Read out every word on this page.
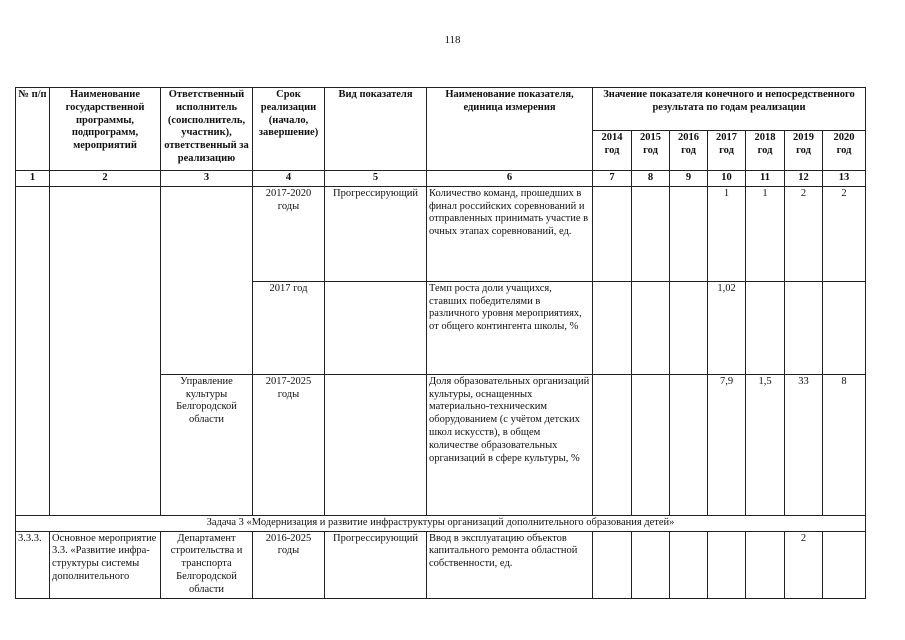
118
№ п/п	Наименование государственной программы, подпрограмм, мероприятий	Ответственный исполнитель (соисполнитель, участник), ответственный за реализацию	Срок реализации (начало, завершение)	Вид показателя	Наименование показателя, единица измерения	Значение показателя конечного и непосредственного результата по годам реализации						
						2014 год	2015 год	2016 год	2017 год	2018 год	2019 год	2020 год
1	2	3	4	5	6	7	8	9	10	11	12	13
			2017-2020 годы	Прогрессирующий	Количество команд, прошедших в финал российских соревнований и отправленных принимать участие в очных этапах соревнований, ед.				1	1	2	2
			2017 год		Темп роста доли учащихся, ставших победителями в различного уровня мероприятиях, от общего контингента школы, %				1,02			
		Управление культуры Белгородской области	2017-2025 годы		Доля образовательных организаций культуры, оснащенных материально-техническим оборудованием (с учётом детских школ искусств), в общем количестве образовательных организаций в сфере культуры, %				7,9	1,5	33	8
Задача 3 «Модернизация и развитие инфраструктуры организаций дополнительного образования детей»												
3.3.3.	Основное мероприятие 3.3. «Развитие инфра-структуры системы дополнительного	Департамент строительства и транспорта Белгородской области	2016-2025 годы	Прогрессирующий	Ввод в эксплуатацию объектов капитального ремонта областной собственности, ед.						2	
